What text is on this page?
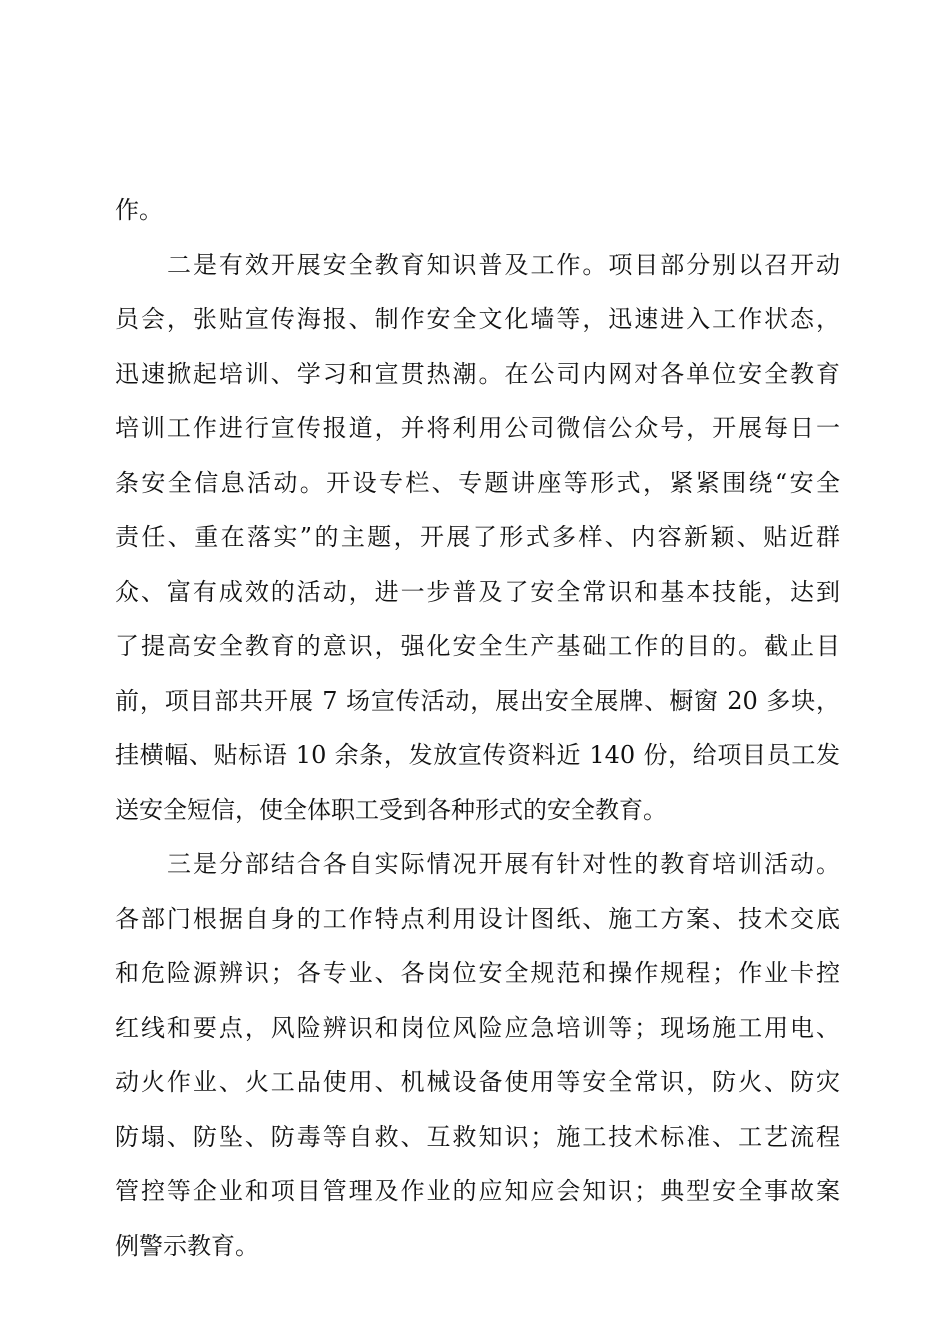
作。
二是有效开展安全教育知识普及工作。项目部分别以召开动
员会，张贴宣传海报、制作安全文化墙等，迅速进入工作状态，
迅速掀起培训、学习和宣贯热潮。在公司内网对各单位安全教育
培训工作进行宣传报道，并将利用公司微信公众号，开展每日一
条安全信息活动。开设专栏、专题讲座等形式，紧紧围绕“安全
责任、重在落实”的主题，开展了形式多样、内容新颖、贴近群
众、富有成效的活动，进一步普及了安全常识和基本技能，达到
了提高安全教育的意识，强化安全生产基础工作的目的。截止目
前，项目部共开展 7 场宣传活动，展出安全展牌、橱窗 20 多块，
挂横幅、贴标语 10 余条，发放宣传资料近 140 份，给项目员工发
送安全短信，使全体职工受到各种形式的安全教育。
三是分部结合各自实际情况开展有针对性的教育培训活动。
各部门根据自身的工作特点利用设计图纸、施工方案、技术交底
和危险源辨识；各专业、各岗位安全规范和操作规程；作业卡控
红线和要点，风险辨识和岗位风险应急培训等；现场施工用电、
动火作业、火工品使用、机械设备使用等安全常识，防火、防灾
防塌、防坠、防毒等自救、互救知识；施工技术标准、工艺流程
管控等企业和项目管理及作业的应知应会知识；典型安全事故案
例警示教育。
